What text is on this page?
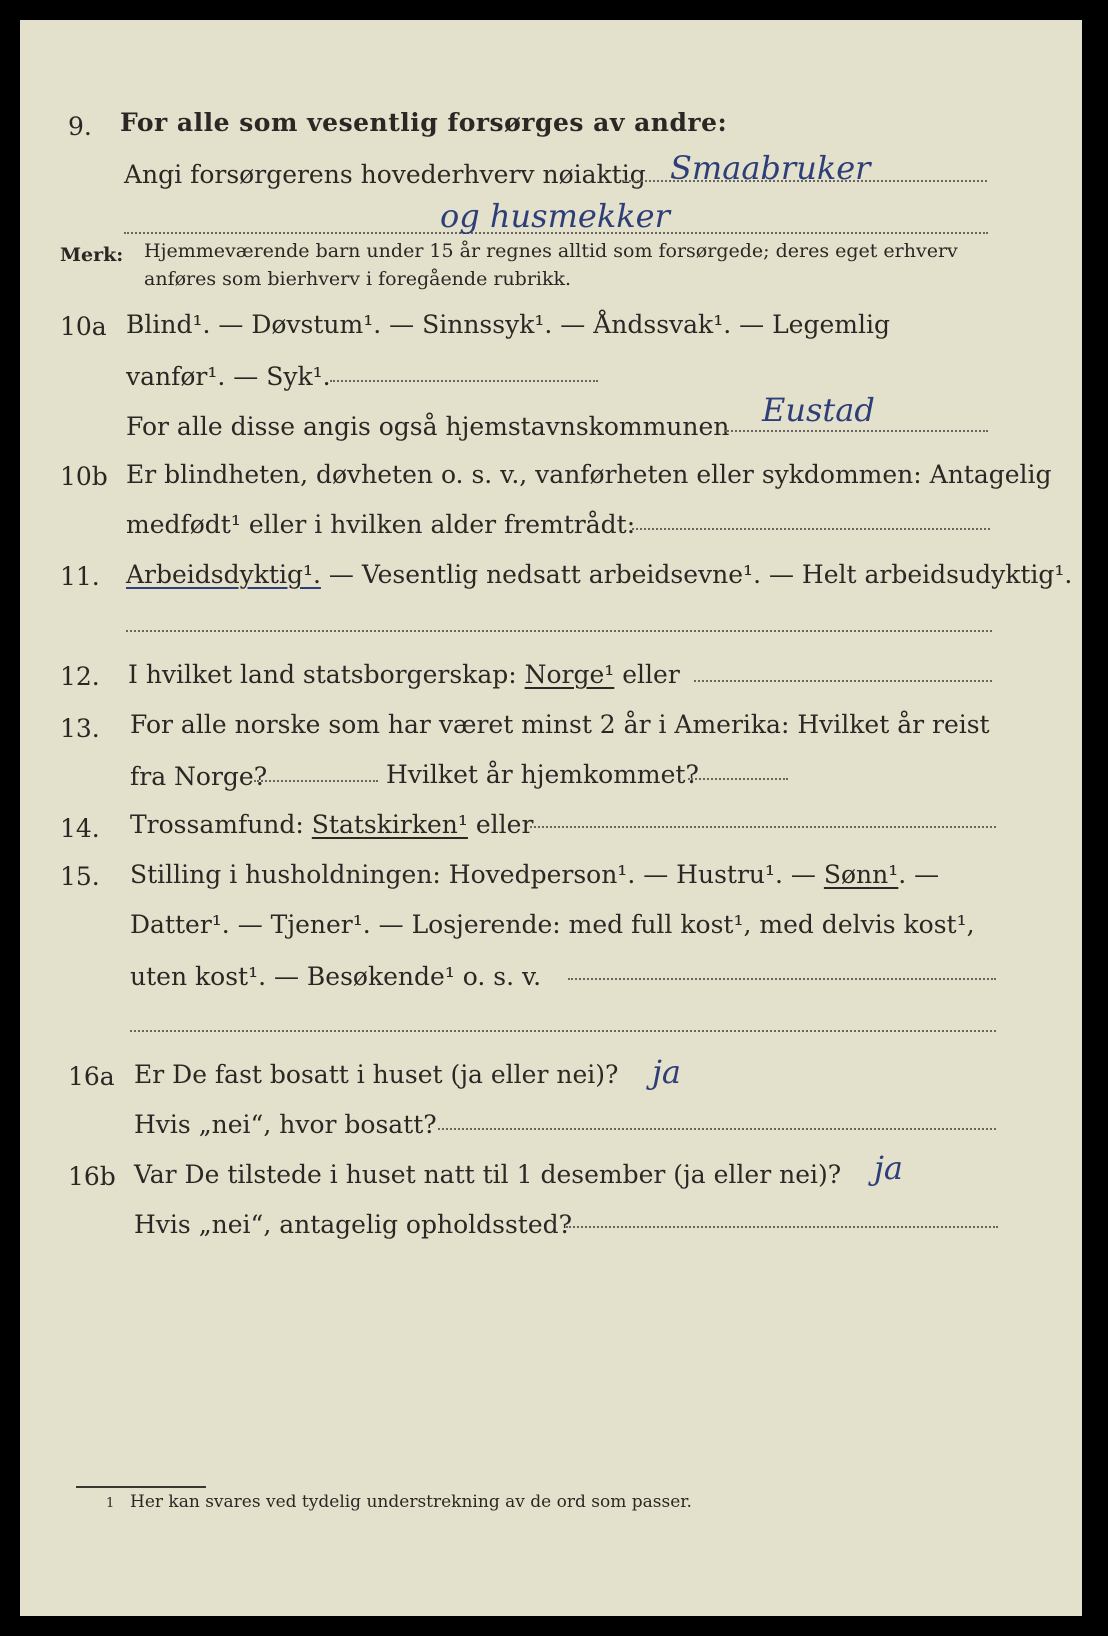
9. For alle som vesentlig forsørges av andre:
Angi forsørgerens hovederhverv nøiaktig Smaabruker
og husmekker
Merk: Hjemmeværende barn under 15 år regnes alltid som forsørgede; deres eget erhverv
anføres som bierhverv i foregående rubrikk.
10a Blind¹. — Døvstum¹. — Sinnssyk¹. — Åndssvak¹. — Legemlig
vanfør¹. — Syk¹.
For alle disse angis også hjemstavnskommunen Eustad
10b Er blindheten, døvheten o. s. v., vanførheten eller sykdommen: Antagelig
medfødt¹ eller i hvilken alder fremtrådt:
11. Arbeidsdyktig¹. — Vesentlig nedsatt arbeidsevne¹. — Helt arbeidsudyktig¹.
12. I hvilket land statsborgerskap: Norge¹ eller
13. For alle norske som har været minst 2 år i Amerika: Hvilket år reist
fra Norge?	Hvilket år hjemkommet?
14. Trossamfund: Statskirken¹ eller
15. Stilling i husholdningen: Hovedperson¹. — Hustru¹. — Sønn¹. —
Datter¹. — Tjener¹. — Losjerende: med full kost¹, med delvis kost¹,
uten kost¹. — Besøkende¹ o. s. v.
16a Er De fast bosatt i huset (ja eller nei)? ja
Hvis „nei“, hvor bosatt?
16b Var De tilstede i huset natt til 1 desember (ja eller nei)? ja
Hvis „nei“, antagelig opholdssted?
1 Her kan svares ved tydelig understrekning av de ord som passer.
